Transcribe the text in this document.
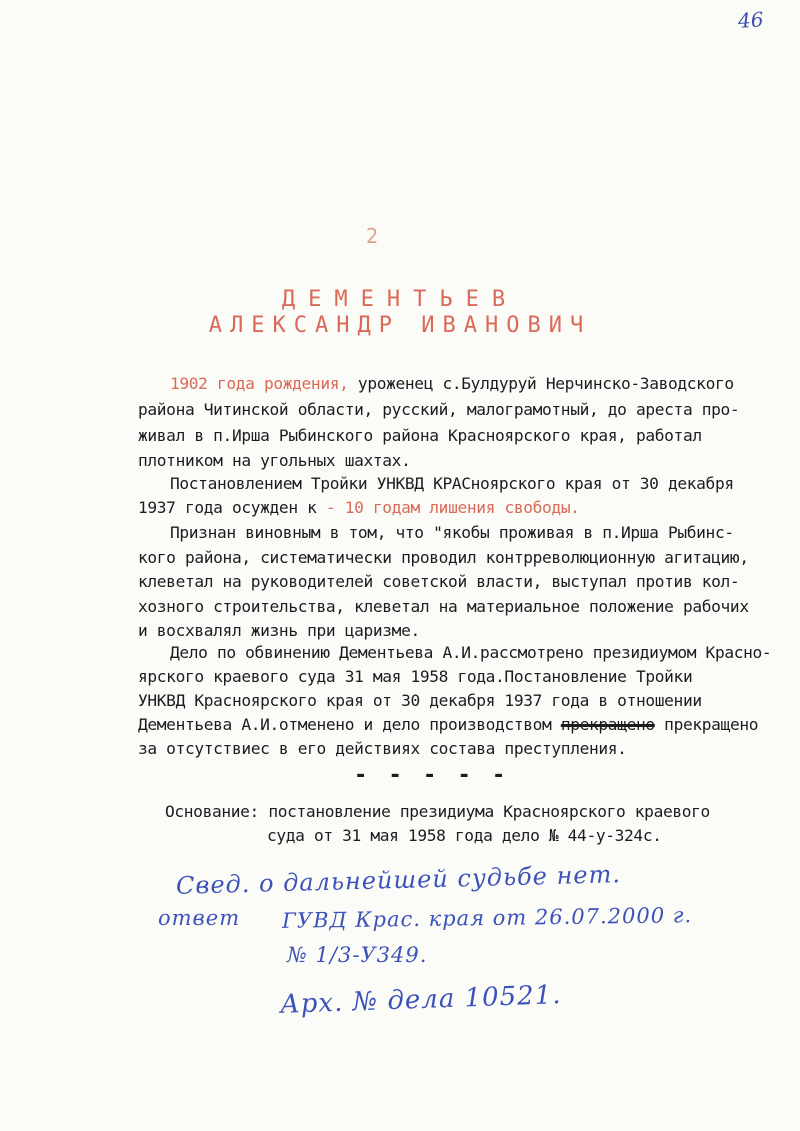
46
2
ДЕМЕНТЬЕВ
АЛЕКСАНДР ИВАНОВИЧ
1902 года рождения, уроженец с.Булдуруй Нерчинско-Заводского
района Читинской области, русский, малограмотный, до ареста про-
живал в п.Ирша Рыбинского района Красноярского края, работал
плотником на угольных шахтах.
Постановлением Тройки УНКВД КРАСноярского края от 30 декабря
1937 года осужден к - 10 годам лишения свободы.
Признан виновным в том, что "якобы проживая в п.Ирша Рыбинс-
кого района, систематически проводил контрреволюционную агитацию,
клеветал на руководителей советской власти, выступал против кол-
хозного строительства, клеветал на материальное положение рабочих
и восхвалял жизнь при царизме.
Дело по обвинению Дементьева А.И.рассмотрено президиумом Красно-
ярского краевого суда 31 мая 1958 года.Постановление Тройки
УНКВД Красноярского края от 30 декабря 1937 года в отношении
Дементьева А.И.отменено и дело производством прекращено прекращено
за отсутствиес в его действиях состава преступления.
- - - - -
Основание: постановление президиума Красноярского краевого
суда от 31 мая 1958 года дело № 44-у-324с.
Свед. о дальнейшей судьбе нет.
ответ ГУВД Крас. края от 26.07.2000 г.
№ 1/3-У349.
Арх. № дела 10521.
